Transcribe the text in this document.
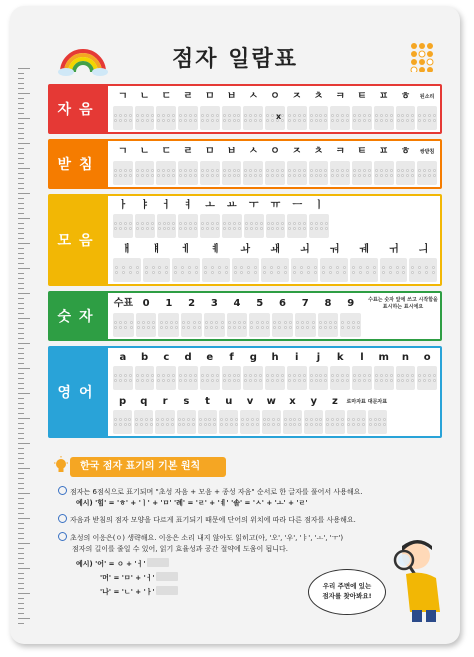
점자 일람표
자음
ㄱ	ㄴ	ㄷ	ㄹ	ㅁ	ㅂ	ㅅ	ㅇ	ㅈ	ㅊ	ㅋ	ㅌ	ㅍ	ㅎ	된소리
x
받침
ㄱ	ㄴ	ㄷ	ㄹ	ㅁ	ㅂ	ㅅ	ㅇ	ㅈ	ㅊ	ㅋ	ㅌ	ㅍ	ㅎ	쌍받침
모음
ㅏ	ㅑ	ㅓ	ㅕ	ㅗ	ㅛ	ㅜ	ㅠ	ㅡ	ㅣ
ㅐ	ㅒ	ㅔ	ㅖ	ㅘ	ㅙ	ㅚ	ㅝ	ㅞ	ㅟ	ㅢ
숫자
수표 0	1	2	3	4	5	6	7	8	9	수표는 숫자 앞에 쓰고 시작함을 표시하는 표시에요
영어
a	b	c	d	e	f	g	h	i	j	k	l	m	n	o
p	q	r	s	t	u	v	w	x	y	z	로마자표 대문자표
한국 점자 표기의 기본 원칙
점자는 6점식으로 표기되며 "초성 자음 + 모음 + 종성 자음" 순서로 한 글자를 풀어서 사용해요.
예시) '힘' = 'ㅎ' + 'ㅣ' + 'ㅁ' '례' = 'ㄹ' + 'ㅖ' '솔' = 'ㅅ' + 'ㅗ' + 'ㄹ'
자음과 받침의 점자 모양을 다르게 표기되기 때문에 단어의 위치에 따라 다른 점자를 사용해요.
초성의 이응은(ㅇ) 생략해요. 이응은 소리 내지 않아도 읽히고(아, '오', '우', 'ㅑ', 'ㅗ', 'ㅜ')
점자의 길이를 줄일 수 있어, 읽기 효율성과 공간 절약에 도움이 됩니다.
예시) '어' = ㅇ + 'ㅓ'
'머' = 'ㅁ' + 'ㅓ'
'나' = 'ㄴ' + 'ㅏ'
우리 주변에 있는
점자를 찾아봐요!
